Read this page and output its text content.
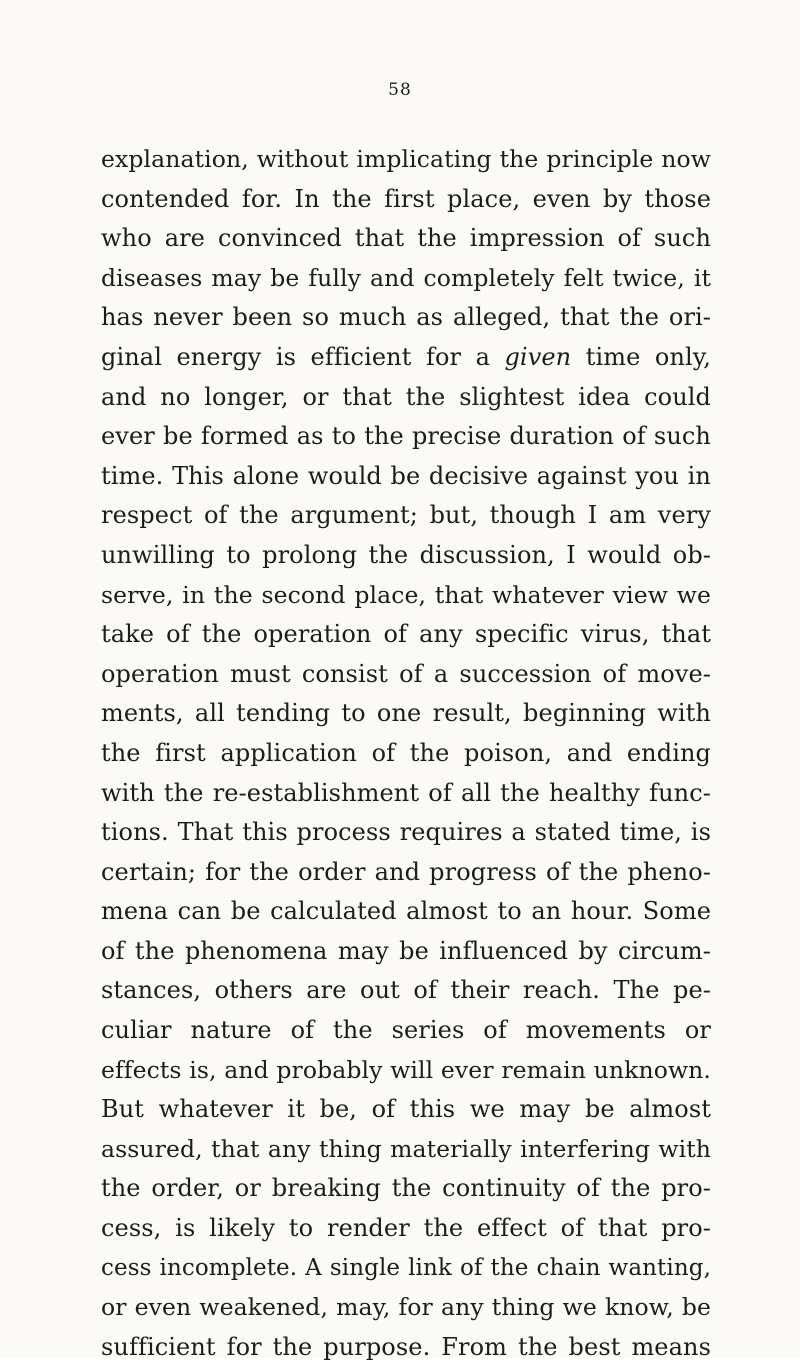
58
explanation, without implicating the principle now
contended for. In the first place, even by those
who are convinced that the impression of such
diseases may be fully and completely felt twice, it
has never been so much as alleged, that the ori-
ginal energy is efficient for a given time only,
and no longer, or that the slightest idea could
ever be formed as to the precise duration of such
time. This alone would be decisive against you in
respect of the argument; but, though I am very
unwilling to prolong the discussion, I would ob-
serve, in the second place, that whatever view we
take of the operation of any specific virus, that
operation must consist of a succession of move-
ments, all tending to one result, beginning with
the first application of the poison, and ending
with the re-establishment of all the healthy func-
tions. That this process requires a stated time, is
certain; for the order and progress of the pheno-
mena can be calculated almost to an hour. Some
of the phenomena may be influenced by circum-
stances, others are out of their reach. The pe-
culiar nature of the series of movements or
effects is, and probably will ever remain unknown.
But whatever it be, of this we may be almost
assured, that any thing materially interfering with
the order, or breaking the continuity of the pro-
cess, is likely to render the effect of that pro-
cess incomplete. A single link of the chain wanting,
or even weakened, may, for any thing we know, be
sufficient for the purpose. From the best means
